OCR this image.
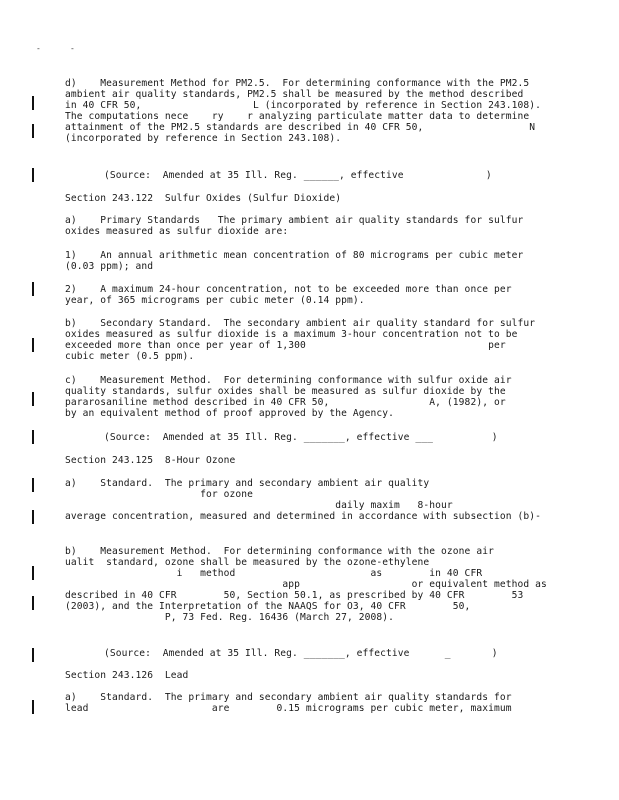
-	-
d)    Measurement Method for PM2.5.  For determining conformance with the PM2.5
ambient air quality standards, PM2.5 shall be measured by the method described
in 40 CFR 50,                   L (incorporated by reference in Section 243.108).
The computations nece    ry    r analyzing particulate matter data to determine
attainment of the PM2.5 standards are described in 40 CFR 50,                  N
(incorporated by reference in Section 243.108).
(Source:  Amended at 35 Ill. Reg. ______, effective              )
Section 243.122  Sulfur Oxides (Sulfur Dioxide)
a)    Primary Standards   The primary ambient air quality standards for sulfur
oxides measured as sulfur dioxide are:
1)    An annual arithmetic mean concentration of 80 micrograms per cubic meter
(0.03 ppm); and
2)    A maximum 24-hour concentration, not to be exceeded more than once per
year, of 365 micrograms per cubic meter (0.14 ppm).
b)    Secondary Standard.  The secondary ambient air quality standard for sulfur
oxides measured as sulfur dioxide is a maximum 3-hour concentration not to be
exceeded more than once per year of 1,300                               per
cubic meter (0.5 ppm).
c)    Measurement Method.  For determining conformance with sulfur oxide air
quality standards, sulfur oxides shall be measured as sulfur dioxide by the
pararosaniline method described in 40 CFR 50,                 A, (1982), or
by an equivalent method of proof approved by the Agency.
(Source:  Amended at 35 Ill. Reg. _______, effective ___          )
Section 243.125  8-Hour Ozone
a)    Standard.  The primary and secondary ambient air quality
for ozone
daily maxim   8-hour
average concentration, measured and determined in accordance with subsection (b)-
b)    Measurement Method.  For determining conformance with the ozone air
ualit  standard, ozone shall be measured by the ozone-ethylene
i   method                       as        in 40 CFR
app                   or equivalent method as
described in 40 CFR        50, Section 50.1, as prescribed by 40 CFR        53
(2003), and the Interpretation of the NAAQS for O3, 40 CFR        50,
P, 73 Fed. Reg. 16436 (March 27, 2008).
(Source:  Amended at 35 Ill. Reg. _______, effective      _       )
Section 243.126  Lead
a)    Standard.  The primary and secondary ambient air quality standards for
lead                     are        0.15 micrograms per cubic meter, maximum
